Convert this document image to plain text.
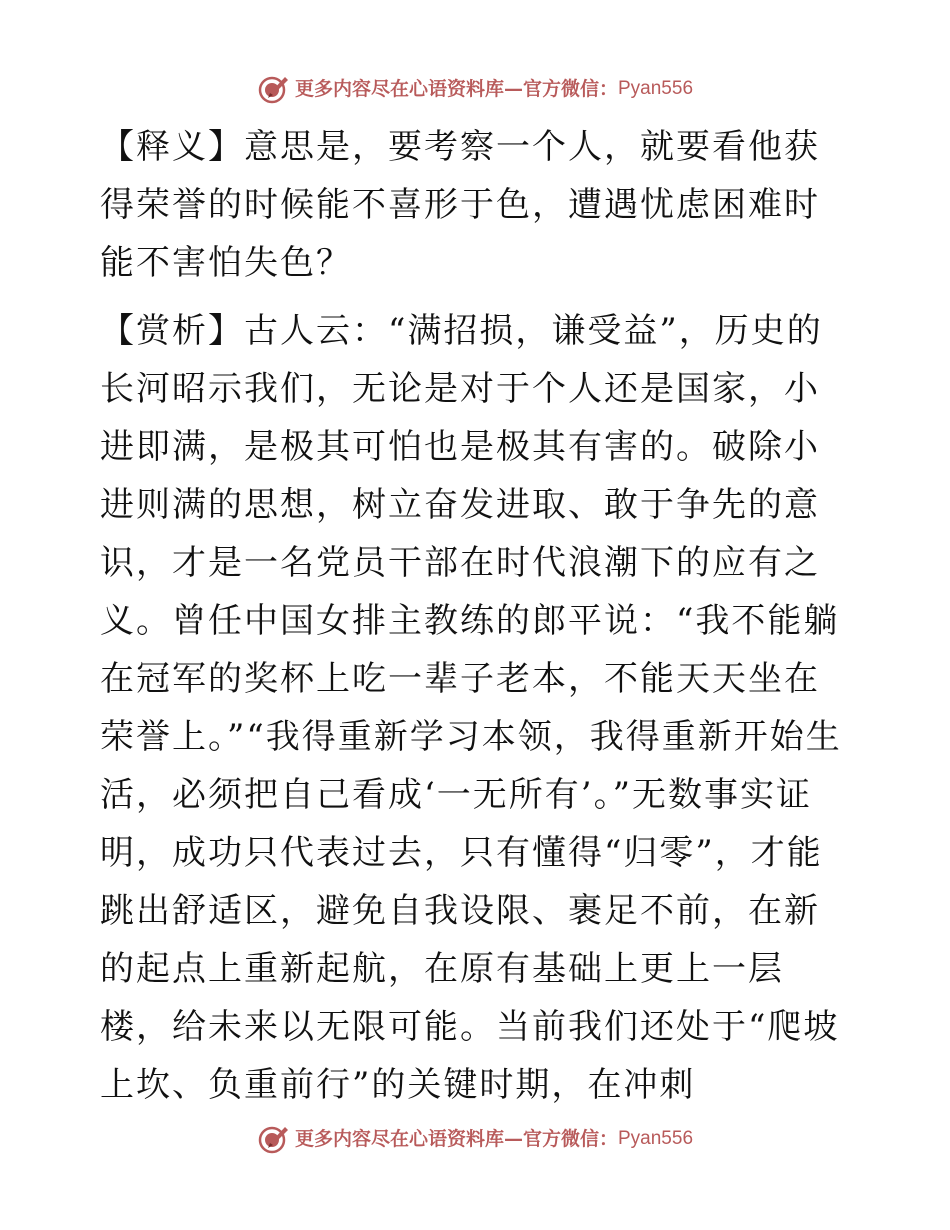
更多内容尽在心语资料库—官方微信： Pyan556

【释义】意思是，要考察一个人，就要看他获得荣誉的时候能不喜形于色，遭遇忧虑困难时能不害怕失色？

【赏析】古人云：“满招损，谦受益”，历史的长河昭示我们，无论是对于个人还是国家，小进即满，是极其可怕也是极其有害的。破除小进则满的思想，树立奋发进取、敢于争先的意识，才是一名党员干部在时代浪潮下的应有之义。曾任中国女排主教练的郎平说：“我不能躺在冠军的奖杯上吃一辈子老本，不能天天坐在荣誉上。”“我得重新学习本领，我得重新开始生活，必须把自己看成‘一无所有’。”无数事实证明，成功只代表过去，只有懂得“归零”，才能跳出舒适区，避免自我设限、裹足不前，在新的起点上重新起航，在原有基础上更上一层楼，给未来以无限可能。当前我们还处于“爬坡上坎、负重前行”的关键时期，在冲刺

更多内容尽在心语资料库—官方微信： Pyan556
